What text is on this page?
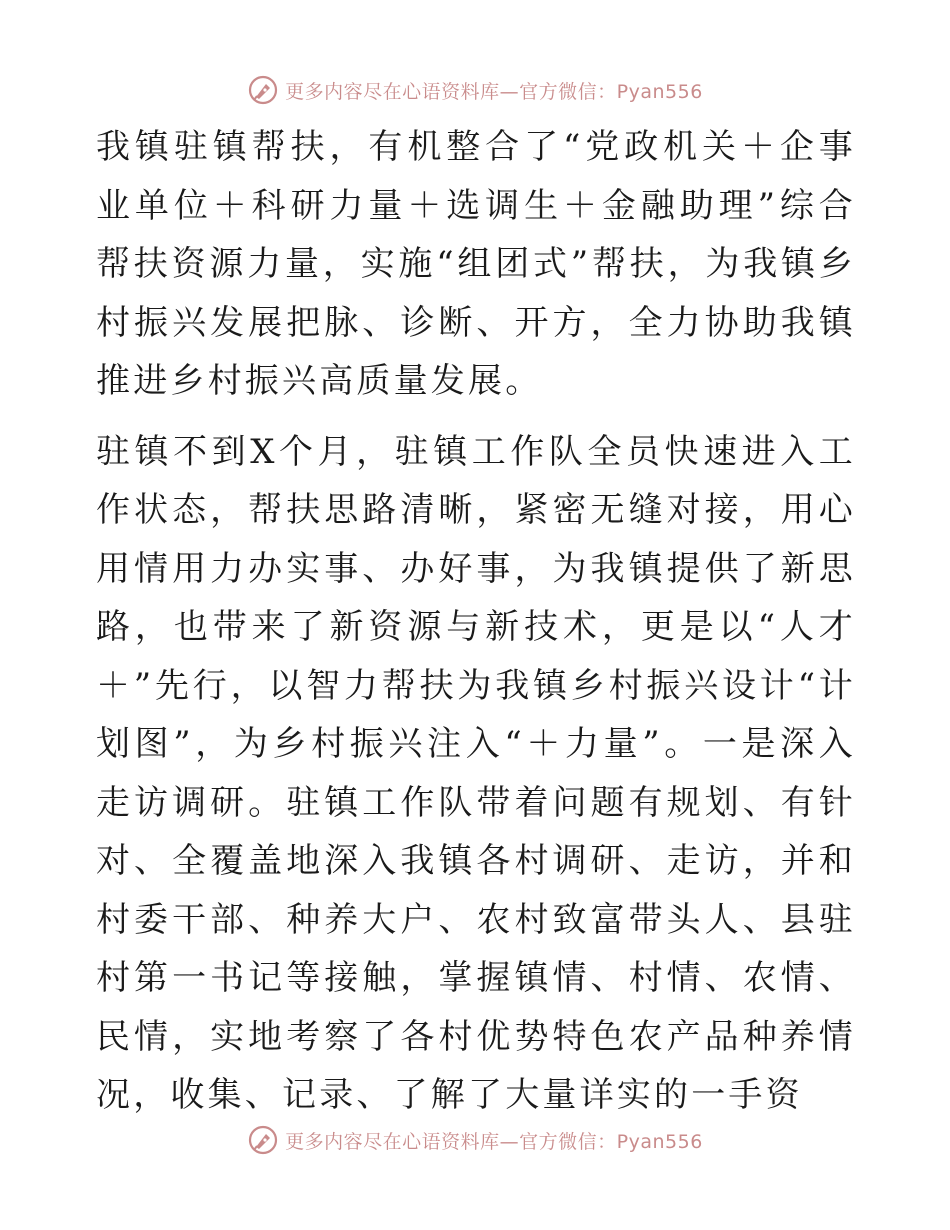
更多内容尽在心语资料库—官方微信：Pyan556

我镇驻镇帮扶，有机整合了“党政机关＋企事业单位＋科研力量＋选调生＋金融助理”综合帮扶资源力量，实施“组团式”帮扶，为我镇乡村振兴发展把脉、诊断、开方，全力协助我镇推进乡村振兴高质量发展。

驻镇不到X个月，驻镇工作队全员快速进入工作状态，帮扶思路清晰，紧密无缝对接，用心用情用力办实事、办好事，为我镇提供了新思路，也带来了新资源与新技术，更是以“人才＋”先行，以智力帮扶为我镇乡村振兴设计“计划图”，为乡村振兴注入“＋力量”。一是深入走访调研。驻镇工作队带着问题有规划、有针对、全覆盖地深入我镇各村调研、走访，并和村委干部、种养大户、农村致富带头人、县驻村第一书记等接触，掌握镇情、村情、农情、民情，实地考察了各村优势特色农产品种养情况，收集、记录、了解了大量详实的一手资

更多内容尽在心语资料库—官方微信：Pyan556
